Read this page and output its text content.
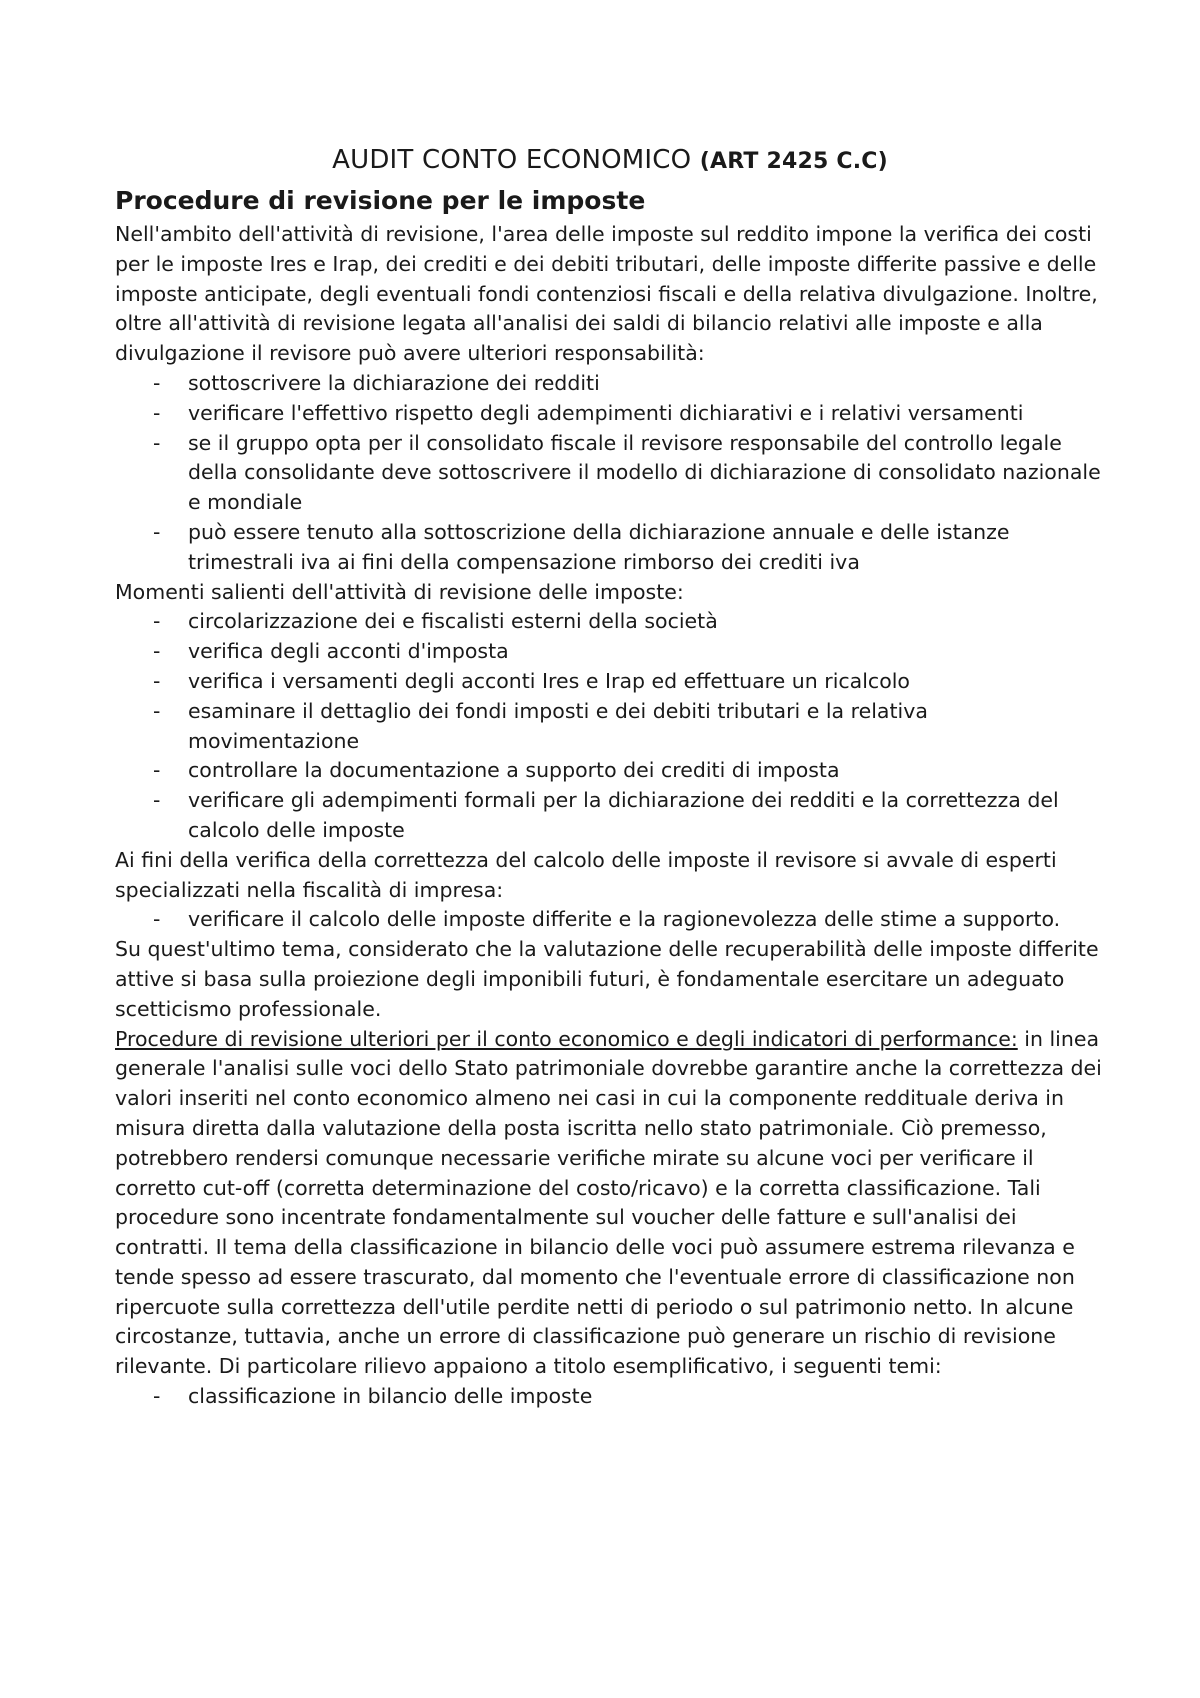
AUDIT CONTO ECONOMICO (ART 2425 C.C)
Procedure di revisione per le imposte

Nell'ambito dell'attività di revisione, l'area delle imposte sul reddito impone la verifica dei costi per le imposte Ires e Irap, dei crediti e dei debiti tributari, delle imposte differite passive e delle imposte anticipate, degli eventuali fondi contenziosi fiscali e della relativa divulgazione. Inoltre, oltre all'attività di revisione legata all'analisi dei saldi di bilancio relativi alle imposte e alla divulgazione il revisore può avere ulteriori responsabilità:

- sottoscrivere la dichiarazione dei redditi
- verificare l'effettivo rispetto degli adempimenti dichiarativi e i relativi versamenti
- se il gruppo opta per il consolidato fiscale il revisore responsabile del controllo legale della consolidante deve sottoscrivere il modello di dichiarazione di consolidato nazionale e mondiale
- può essere tenuto alla sottoscrizione della dichiarazione annuale e delle istanze trimestrali iva ai fini della compensazione rimborso dei crediti iva

Momenti salienti dell'attività di revisione delle imposte:

- circolarizzazione dei e fiscalisti esterni della società
- verifica degli acconti d'imposta
- verifica i versamenti degli acconti Ires e Irap ed effettuare un ricalcolo
- esaminare il dettaglio dei fondi imposti e dei debiti tributari e la relativa movimentazione
- controllare la documentazione a supporto dei crediti di imposta
- verificare gli adempimenti formali per la dichiarazione dei redditi e la correttezza del calcolo delle imposte

Ai fini della verifica della correttezza del calcolo delle imposte il revisore si avvale di esperti specializzati nella fiscalità di impresa:

- verificare il calcolo delle imposte differite e la ragionevolezza delle stime a supporto.

Su quest'ultimo tema, considerato che la valutazione delle recuperabilità delle imposte differite attive si basa sulla proiezione degli imponibili futuri, è fondamentale esercitare un adeguato scetticismo professionale.

Procedure di revisione ulteriori per il conto economico e degli indicatori di performance: in linea generale l'analisi sulle voci dello Stato patrimoniale dovrebbe garantire anche la correttezza dei valori inseriti nel conto economico almeno nei casi in cui la componente reddituale deriva in misura diretta dalla valutazione della posta iscritta nello stato patrimoniale. Ciò premesso, potrebbero rendersi comunque necessarie verifiche mirate su alcune voci per verificare il corretto cut-off (corretta determinazione del costo/ricavo) e la corretta classificazione. Tali procedure sono incentrate fondamentalmente sul voucher delle fatture e sull'analisi dei contratti. Il tema della classificazione in bilancio delle voci può assumere estrema rilevanza e tende spesso ad essere trascurato, dal momento che l'eventuale errore di classificazione non ripercuote sulla correttezza dell'utile perdite netti di periodo o sul patrimonio netto. In alcune circostanze, tuttavia, anche un errore di classificazione può generare un rischio di revisione rilevante. Di particolare rilievo appaiono a titolo esemplificativo, i seguenti temi:

- classificazione in bilancio delle imposte
